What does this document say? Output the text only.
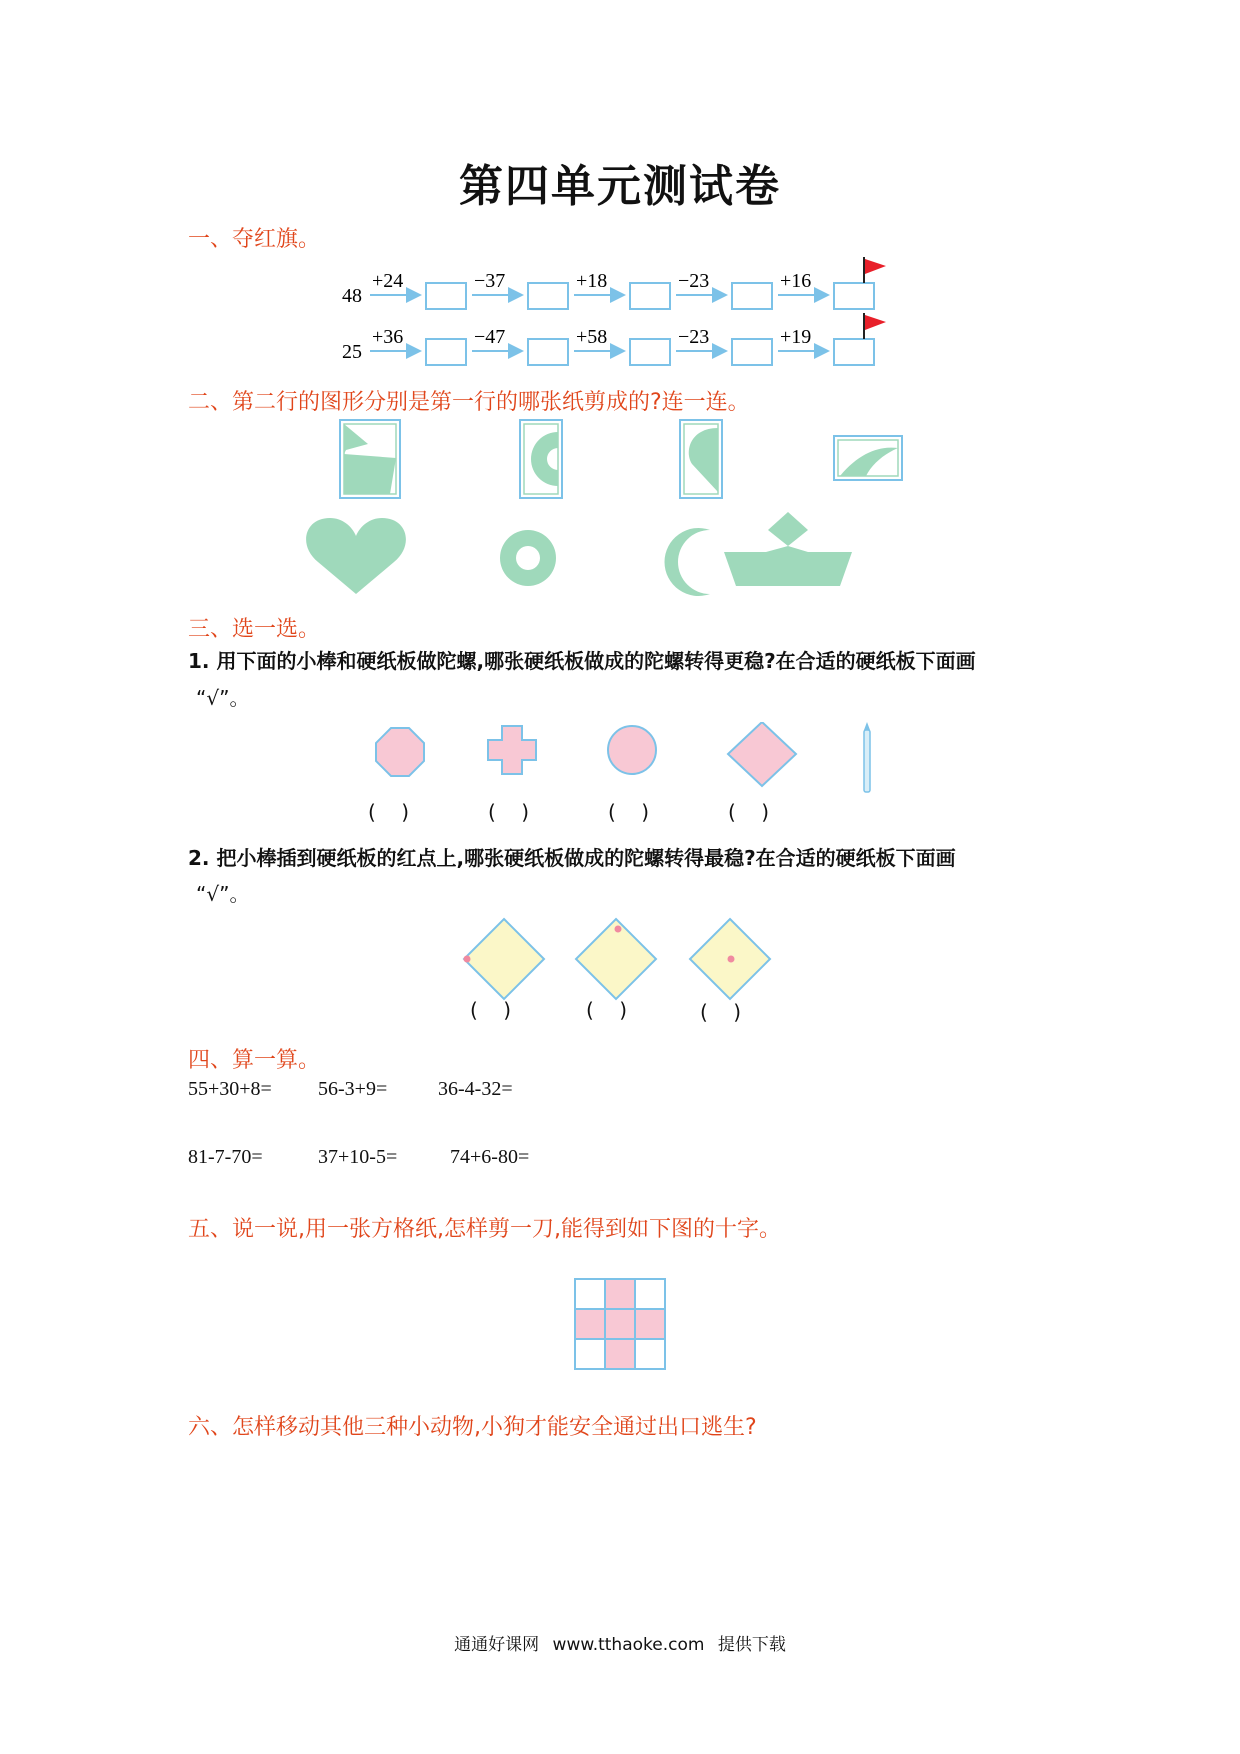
第四单元测试卷
一、夺红旗。
48
+24	−37	+18	−23	+16
25
+36	−47	+58	−23	+19
二、第二行的图形分别是第一行的哪张纸剪成的?连一连。
三、选一选。
1. 用下面的小棒和硬纸板做陀螺,哪张硬纸板做成的陀螺转得更稳?在合适的硬纸板下面画
“√”。
(    )	(    )	(    )	(    )
2. 把小棒插到硬纸板的红点上,哪张硬纸板做成的陀螺转得最稳?在合适的硬纸板下面画
“√”。
(    )	(    )	(    )
四、算一算。
55+30+8= 56-3+9=	36-4-32=
81-7-70=	37+10-5=	74+6-80=
五、说一说,用一张方格纸,怎样剪一刀,能得到如下图的十字。
六、怎样移动其他三种小动物,小狗才能安全通过出口逃生?
通通好课网 www.tthaoke.com 提供下载
